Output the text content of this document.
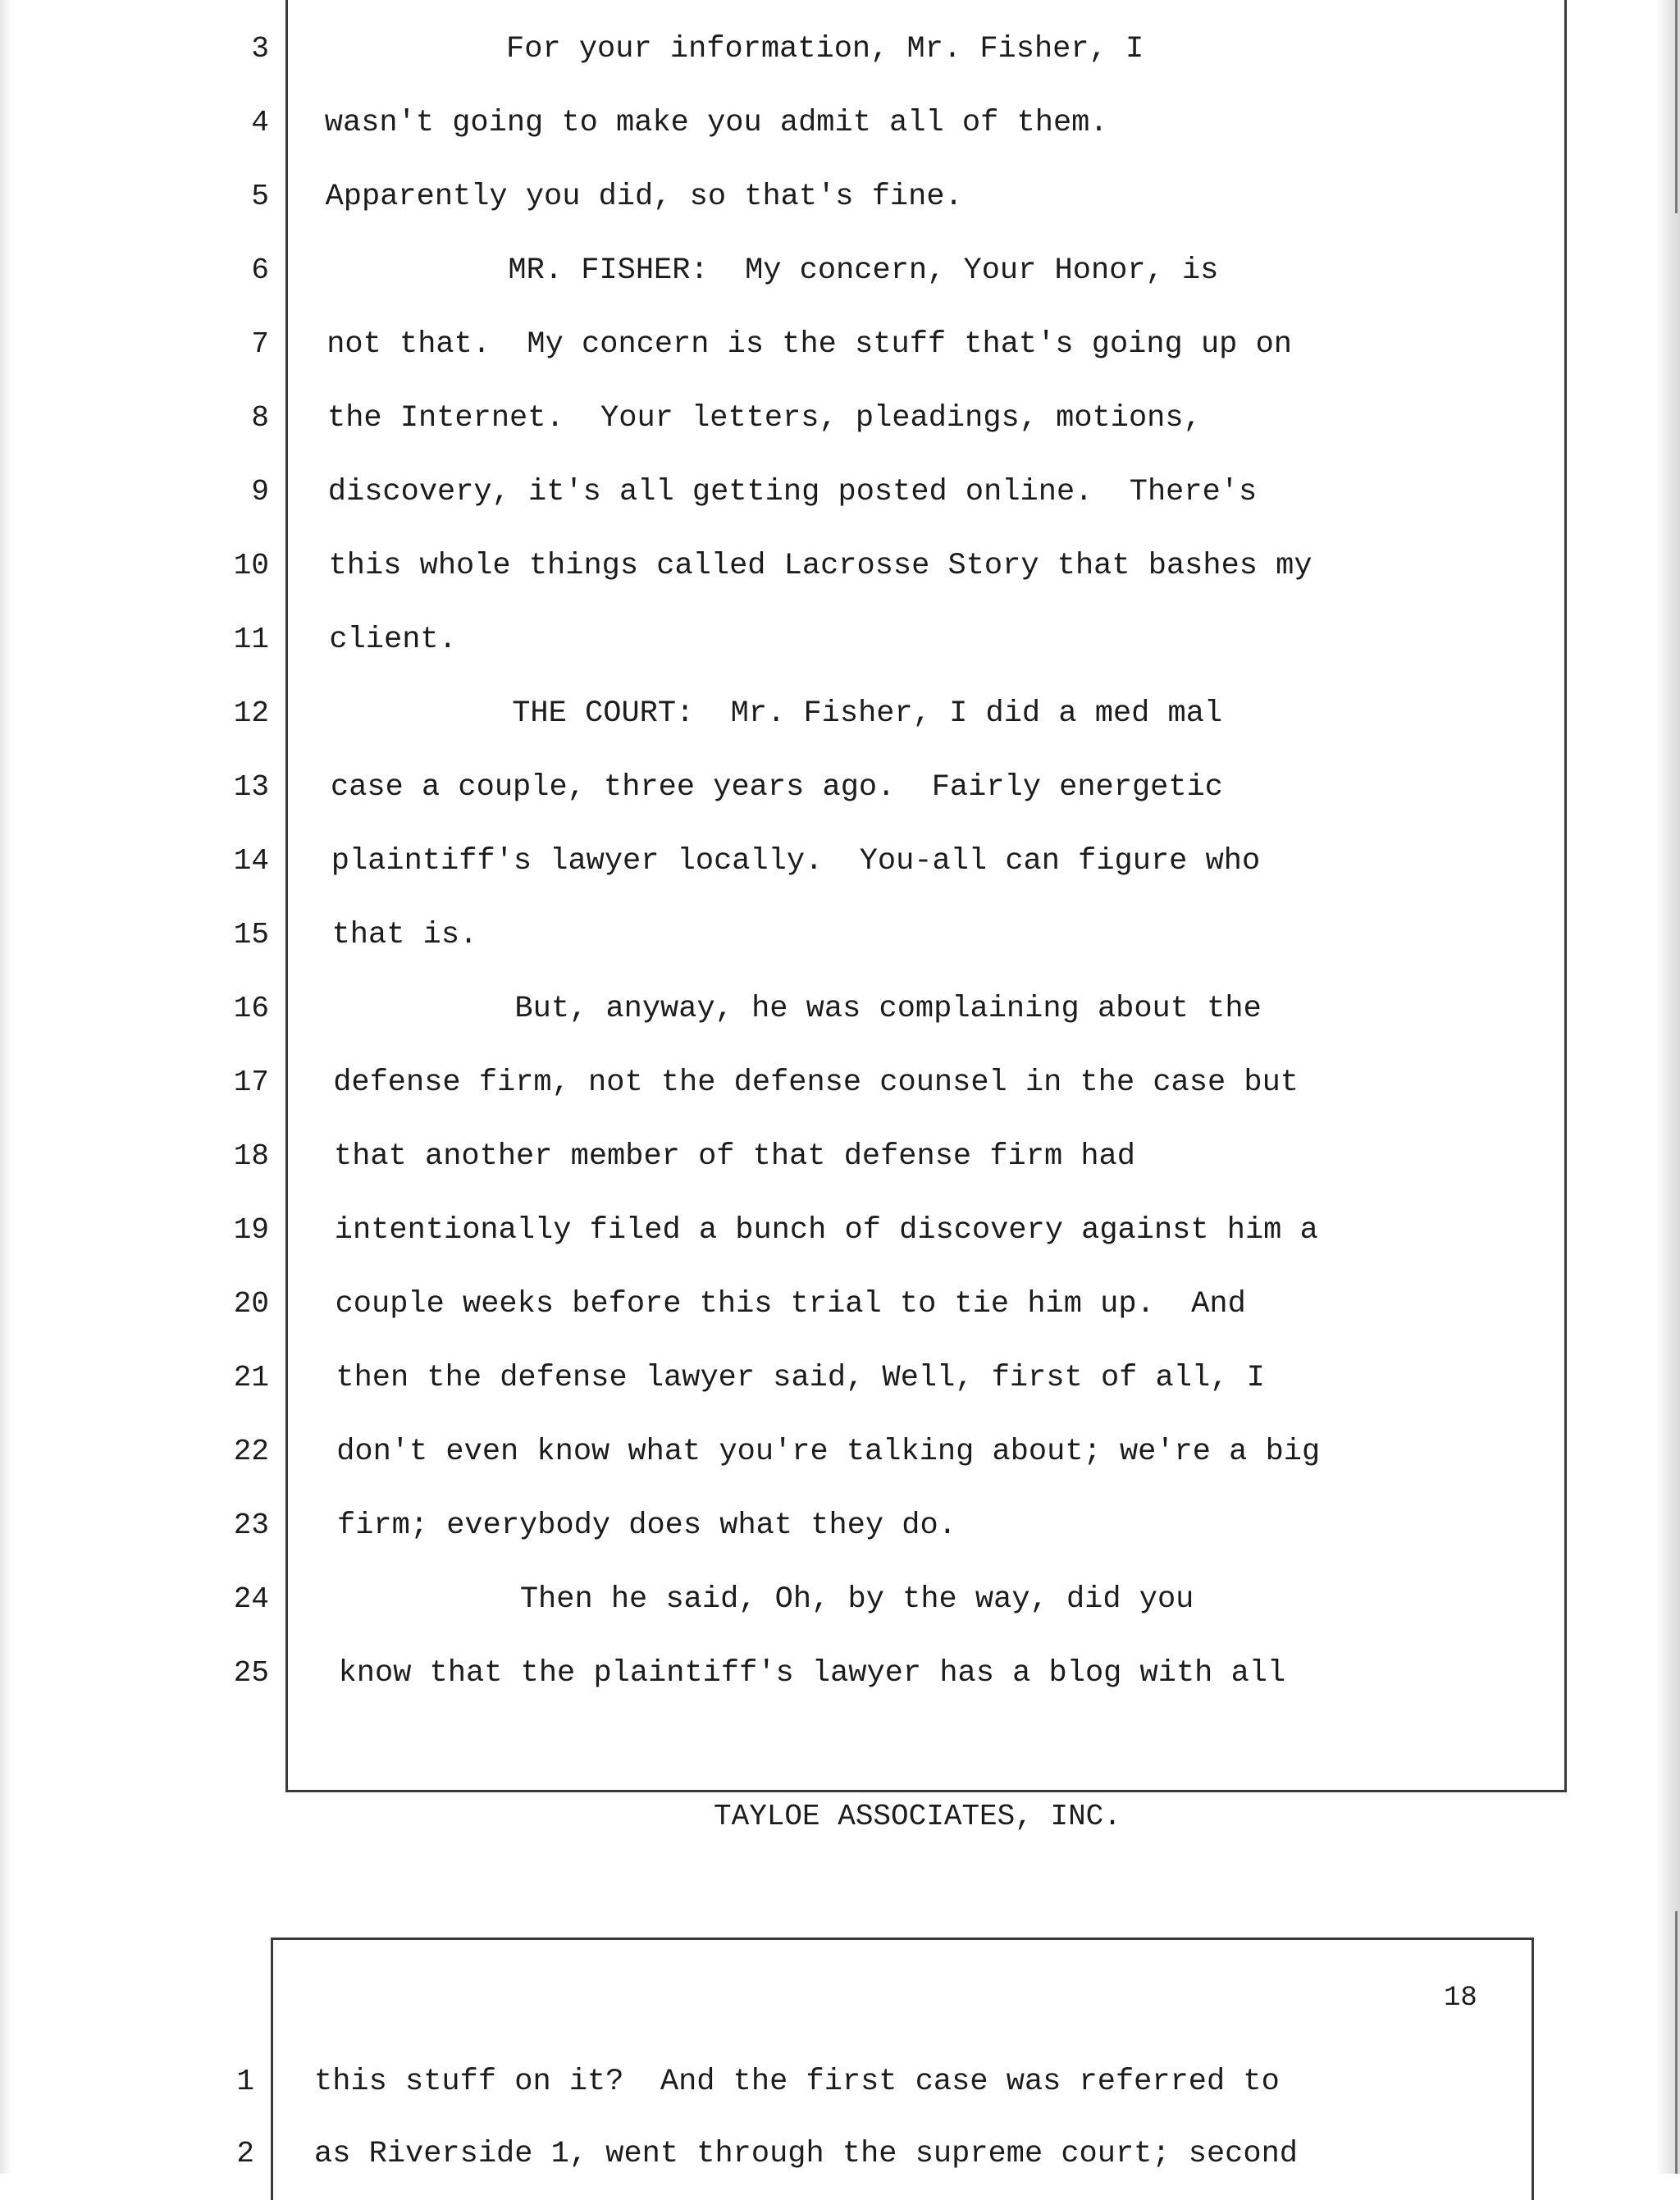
3 For your information, Mr. Fisher, I
4 wasn't going to make you admit all of them.
5 Apparently you did, so that's fine.
6 MR. FISHER:  My concern, Your Honor, is
7 not that.  My concern is the stuff that's going up on
8 the Internet.  Your letters, pleadings, motions,
9 discovery, it's all getting posted online.  There's
10 this whole things called Lacrosse Story that bashes my
11 client.
12 THE COURT:  Mr. Fisher, I did a med mal
13 case a couple, three years ago.  Fairly energetic
14 plaintiff's lawyer locally.  You-all can figure who
15 that is.
16 But, anyway, he was complaining about the
17 defense firm, not the defense counsel in the case but
18 that another member of that defense firm had
19 intentionally filed a bunch of discovery against him a
20 couple weeks before this trial to tie him up.  And
21 then the defense lawyer said, Well, first of all, I
22 don't even know what you're talking about; we're a big
23 firm; everybody does what they do.
24 Then he said, Oh, by the way, did you
25 know that the plaintiff's lawyer has a blog with all
TAYLOE ASSOCIATES, INC.
18
1 this stuff on it?  And the first case was referred to
2 as Riverside 1, went through the supreme court; second
